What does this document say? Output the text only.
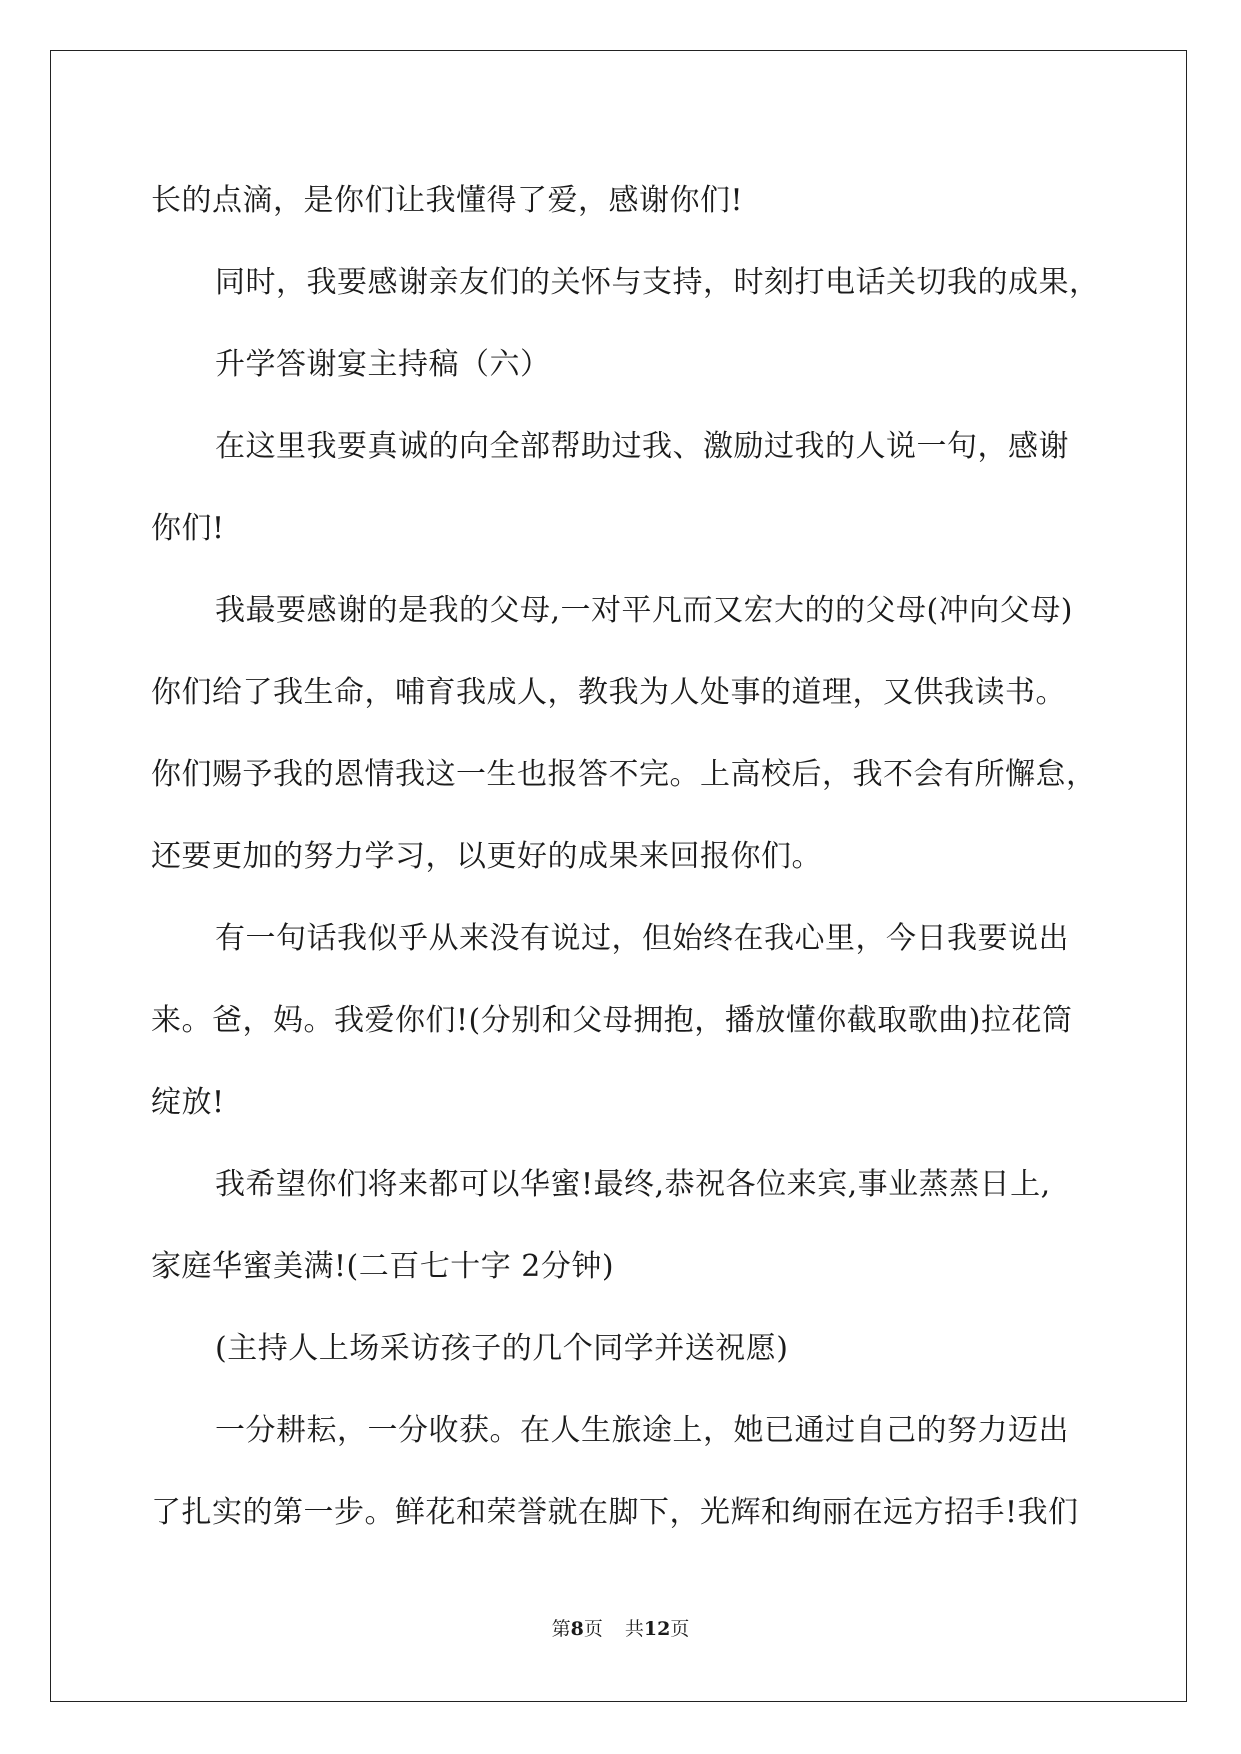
长的点滴，是你们让我懂得了爱，感谢你们!
同时，我要感谢亲友们的关怀与支持，时刻打电话关切我的成果，
升学答谢宴主持稿（六）
在这里我要真诚的向全部帮助过我、激励过我的人说一句，感谢
你们!
我最要感谢的是我的父母,一对平凡而又宏大的的父母(冲向父母)
你们给了我生命，哺育我成人，教我为人处事的道理，又供我读书。
你们赐予我的恩情我这一生也报答不完。上高校后，我不会有所懈怠，
还要更加的努力学习，以更好的成果来回报你们。
有一句话我似乎从来没有说过，但始终在我心里，今日我要说出
来。爸，妈。我爱你们!(分别和父母拥抱，播放懂你截取歌曲)拉花筒
绽放!
我希望你们将来都可以华蜜!最终,恭祝各位来宾,事业蒸蒸日上,
家庭华蜜美满!(二百七十字 2分钟)
(主持人上场采访孩子的几个同学并送祝愿)
一分耕耘，一分收获。在人生旅途上，她已通过自己的努力迈出
了扎实的第一步。鲜花和荣誉就在脚下，光辉和绚丽在远方招手!我们
第8页 共12页
